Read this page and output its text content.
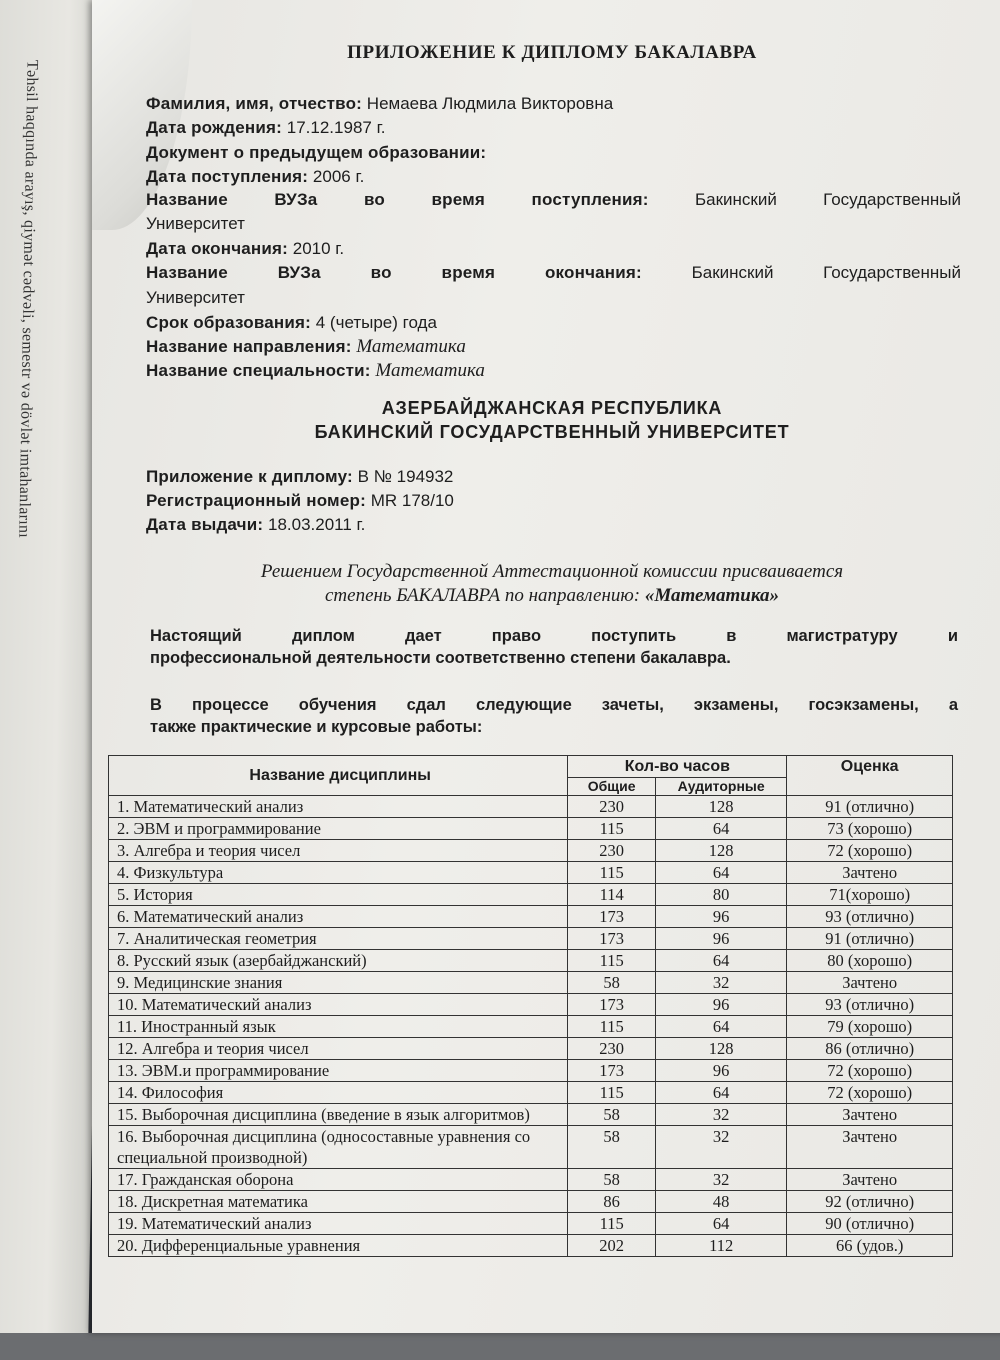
Təhsil haqqında arayış, qiymət cədvəli, semestr və dövlət imtahanlarını
ПРИЛОЖЕНИЕ К ДИПЛОМУ БАКАЛАВРА
Фамилия, имя, отчество: Немаева Людмила Викторовна
Дата рождения: 17.12.1987 г.
Документ о предыдущем образовании:
Дата поступления: 2006 г.
Название ВУЗа во время поступления:	Бакинский Государственный
Университет
Дата окончания: 2010 г.
Название ВУЗа во время окончания:	Бакинский Государственный
Университет
Срок образования: 4 (четыре) года
Название направления: Математика
Название специальности: Математика
АЗЕРБАЙДЖАНСКАЯ РЕСПУБЛИКА
БАКИНСКИЙ ГОСУДАРСТВЕННЫЙ УНИВЕРСИТЕТ
Приложение к диплому: В № 194932
Регистрационный номер: MR 178/10
Дата выдачи: 18.03.2011 г.
Решением Государственной Аттестационной комиссии присваивается
степень БАКАЛАВРА по направлению: «Математика»
Настоящий диплом дает право поступить в магистратуру и
профессиональной деятельности соответственно степени бакалавра.
В процессе обучения сдал следующие зачеты, экзамены, госэкзамены, а
также практические и курсовые работы:
Название дисциплины	Кол-во часов		Оценка
	Общие	Аудиторные	
1. Математический анализ	230	128	91 (отлично)
2. ЭВМ и программирование	115	64	73 (хорошо)
3. Алгебра и теория чисел	230	128	72 (хорошо)
4. Физкультура	115	64	Зачтено
5. История	114	80	71(хорошо)
6. Математический анализ	173	96	93 (отлично)
7. Аналитическая геометрия	173	96	91 (отлично)
8. Русский язык (азербайджанский)	115	64	80 (хорошо)
9. Медицинские знания	58	32	Зачтено
10. Математический анализ	173	96	93 (отлично)
11. Иностранный язык	115	64	79 (хорошо)
12. Алгебра и теория чисел	230	128	86 (отлично)
13. ЭВМ.и программирование	173	96	72 (хорошо)
14. Философия	115	64	72 (хорошо)
15. Выборочная дисциплина (введение в язык алгоритмов)	58	32	Зачтено
16. Выборочная дисциплина (односоставные уравнения со специальной производной)	58	32	Зачтено
17. Гражданская оборона	58	32	Зачтено
18. Дискретная математика	86	48	92 (отлично)
19. Математический анализ	115	64	90 (отлично)
20. Дифференциальные уравнения	202	112	66 (удов.)
